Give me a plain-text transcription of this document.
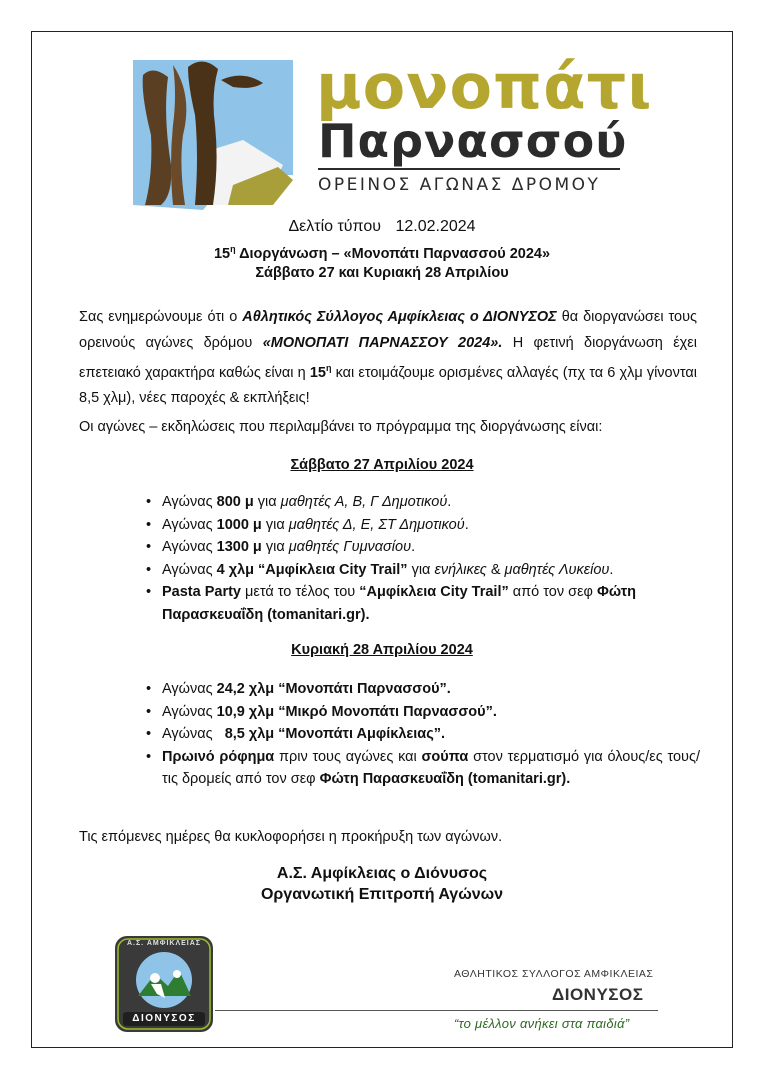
μονοπάτι
Παρνασσού
ΟΡΕΙΝΟΣ ΑΓΩΝΑΣ ΔΡΟΜΟΥ
Δελτίο τύπου 12.02.2024
$15^\eta$ Διοργάνωση – «Μονοπάτι Παρνασσού 2024»
Σάββατο 27 και Κυριακή 28 Απριλίου
Σας ενημερώνουμε ότι ο Αθλητικός Σύλλογος Αμφίκλειας ο ΔΙΟΝΥΣΟΣ θα διοργανώσει τους ορεινούς αγώνες δρόμου «ΜΟΝΟΠΑΤΙ ΠΑΡΝΑΣΣΟΥ 2024». Η φετινή διοργάνωση έχει επετειακό χαρακτήρα καθώς είναι η $15^\eta$ και ετοιμάζουμε ορισμένες αλλαγές (πχ τα 6 χλμ γίνονται 8,5 χλμ), νέες παροχές & εκπλήξεις!
Οι αγώνες – εκδηλώσεις που περιλαμβάνει το πρόγραμμα της διοργάνωσης είναι:
Σάββατο 27 Απριλίου 2024
• Αγώνας 800 μ για μαθητές Α, Β, Γ Δημοτικού.
• Αγώνας 1000 μ για μαθητές Δ, Ε, ΣΤ Δημοτικού.
• Αγώνας 1300 μ για μαθητές Γυμνασίου.
• Αγώνας 4 χλμ “Αμφίκλεια City Trail” για ενήλικες & μαθητές Λυκείου.
• Pasta Party μετά το τέλος του “Αμφίκλεια City Trail” από τον σεφ Φώτη Παρασκευαΐδη (tomanitari.gr).
Κυριακή 28 Απριλίου 2024
• Αγώνας 24,2 χλμ “Μονοπάτι Παρνασσού”.
• Αγώνας 10,9 χλμ “Μικρό Μονοπάτι Παρνασσού”.
• Αγώνας   8,5 χλμ “Μονοπάτι Αμφίκλειας”.
• Πρωινό ρόφημα πριν τους αγώνες και σούπα στον τερματισμό για όλους/ες τους/τις δρομείς από τον σεφ Φώτη Παρασκευαΐδη (tomanitari.gr).
Τις επόμενες ημέρες θα κυκλοφορήσει η προκήρυξη των αγώνων.
Α.Σ. Αμφίκλειας ο Διόνυσος
Οργανωτική Επιτροπή Αγώνων
Α.Σ. ΑΜΦΙΚΛΕΙΑΣ
ΔΙΟΝΥΣΟΣ
ΑΘΛΗΤΙΚΟΣ ΣΥΛΛΟΓΟΣ ΑΜΦΙΚΛΕΙΑΣ
ΔΙΟΝΥΣΟΣ
“το μέλλον ανήκει στα παιδιά”
